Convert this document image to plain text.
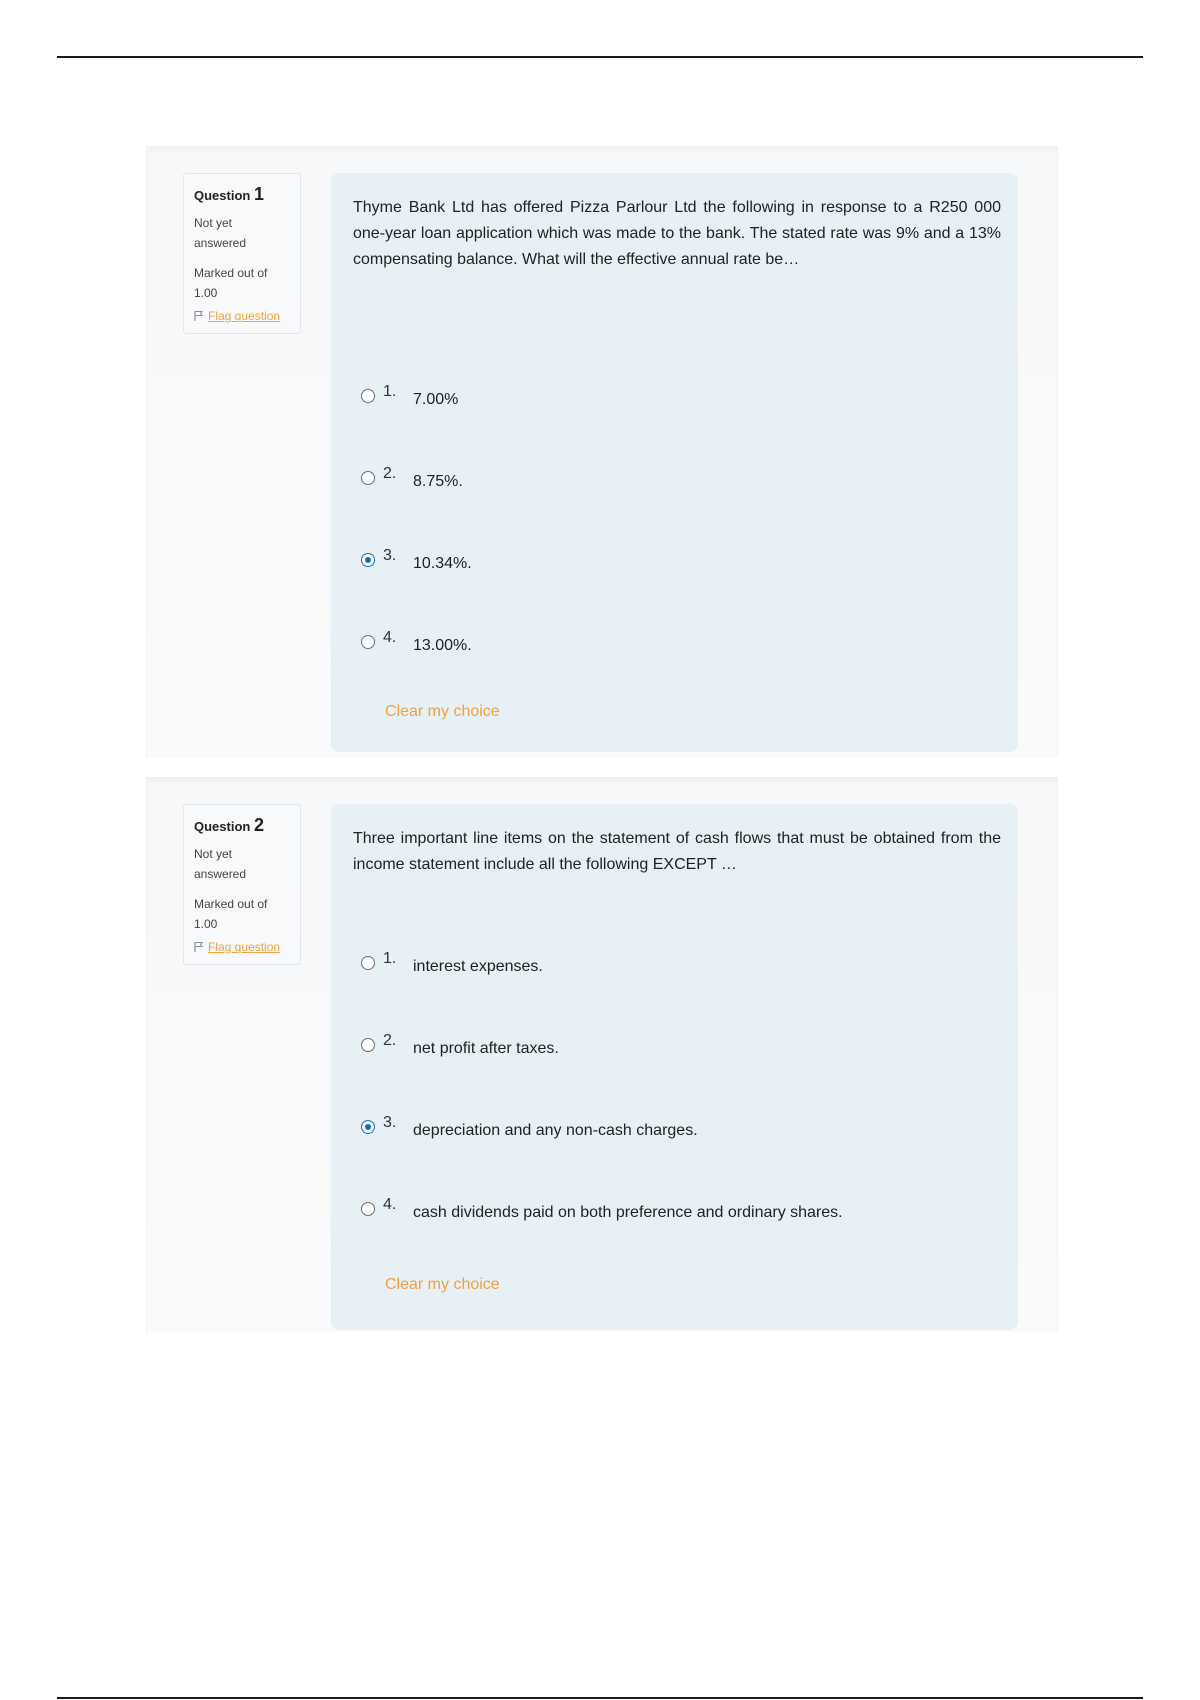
Question 1
Not yet answered
Marked out of 1.00
Flag question
Thyme Bank Ltd has offered Pizza Parlour Ltd the following in response to a R250 000 one-year loan application which was made to the bank. The stated rate was 9% and a 13% compensating balance. What will the effective annual rate be…
1.	7.00%
2.	8.75%.
3.	10.34%.
4.	13.00%.
Clear my choice
Question 2
Not yet answered
Marked out of 1.00
Flag question
Three important line items on the statement of cash flows that must be obtained from the income statement include all the following EXCEPT …
1.	interest expenses.
2.	net profit after taxes.
3.	depreciation and any non-cash charges.
4.	cash dividends paid on both preference and ordinary shares.
Clear my choice
